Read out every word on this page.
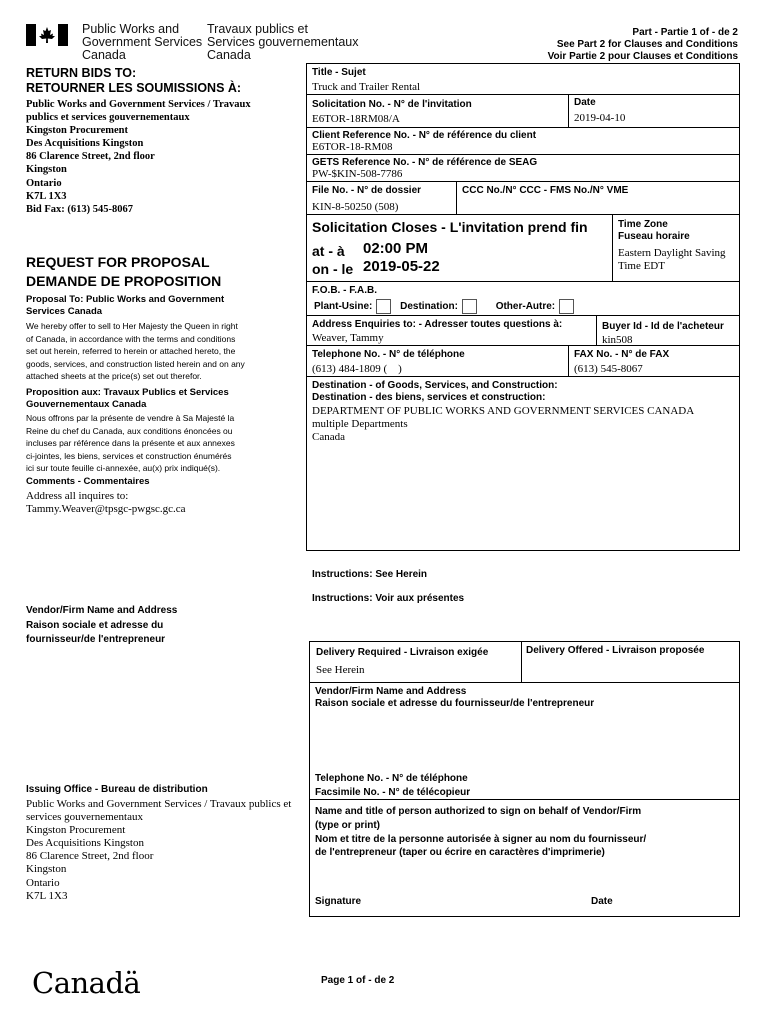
Public Works and
Government Services
Canada
Travaux publics et
Services gouvernementaux
Canada
Part - Partie 1 of - de 2
See Part 2 for Clauses and Conditions
Voir Partie 2 pour Clauses et Conditions
RETURN BIDS TO:
RETOURNER LES SOUMISSIONS À:
Public Works and Government Services / Travaux
publics et services gouvernementaux
Kingston Procurement
Des Acquisitions Kingston
86 Clarence Street, 2nd floor
Kingston
Ontario
K7L 1X3
Bid Fax: (613) 545-8067
REQUEST FOR PROPOSAL
DEMANDE DE PROPOSITION
Proposal To: Public Works and Government
Services Canada
We hereby offer to sell to Her Majesty the Queen in right
of Canada, in accordance with the terms and conditions
set out herein, referred to herein or attached hereto, the
goods, services, and construction listed herein and on any
attached sheets at the price(s) set out therefor.
Proposition aux: Travaux Publics et Services
Gouvernementaux Canada
Nous offrons par la présente de vendre à Sa Majesté la
Reine du chef du Canada, aux conditions énoncées ou
incluses par référence dans la présente et aux annexes
ci-jointes, les biens, services et construction énumérés
ici sur toute feuille ci-annexée, au(x) prix indiqué(s).
Comments - Commentaires
Address all inquires to:
Tammy.Weaver@tpsgc-pwgsc.gc.ca
Title - Sujet
Truck and Trailer Rental
Solicitation No. - N° de l'invitation
E6TOR-18RM08/A
Date
2019-04-10
Client Reference No. - N° de référence du client
E6TOR-18-RM08
GETS Reference No. - N° de référence de SEAG
PW-$KIN-508-7786
File No. - N° de dossier
KIN-8-50250 (508)
CCC No./N° CCC - FMS No./N° VME
Solicitation Closes - L'invitation prend fin
at - à 02:00 PM
on - le 2019-05-22
Time Zone
Fuseau horaire
Eastern Daylight Saving
Time EDT
F.O.B. - F.A.B.
Plant-Usine:	Destination:	Other-Autre:
Address Enquiries to: - Adresser toutes questions à:
Weaver, Tammy
Buyer Id - Id de l'acheteur
kin508
Telephone No. - N° de téléphone
(613) 484-1809 (    )
FAX No. - N° de FAX
(613) 545-8067
Destination - of Goods, Services, and Construction:
Destination - des biens, services et construction:
DEPARTMENT OF PUBLIC WORKS AND GOVERNMENT SERVICES CANADA
multiple Departments
Canada
Instructions: See Herein
Instructions: Voir aux présentes
Vendor/Firm Name and Address
Raison sociale et adresse du
fournisseur/de l'entrepreneur
Delivery Required - Livraison exigée
See Herein
Delivery Offered - Livraison proposée
Vendor/Firm Name and Address
Raison sociale et adresse du fournisseur/de l'entrepreneur
Telephone No. - N° de téléphone
Facsimile No. - N° de télécopieur
Name and title of person authorized to sign on behalf of Vendor/Firm
(type or print)
Nom et titre de la personne autorisée à signer au nom du fournisseur/
de l'entrepreneur (taper ou écrire en caractères d'imprimerie)
Signature	Date
Issuing Office - Bureau de distribution
Public Works and Government Services / Travaux publics et
services gouvernementaux
Kingston Procurement
Des Acquisitions Kingston
86 Clarence Street, 2nd floor
Kingston
Ontario
K7L 1X3
Canadä	Page 1 of - de 2
